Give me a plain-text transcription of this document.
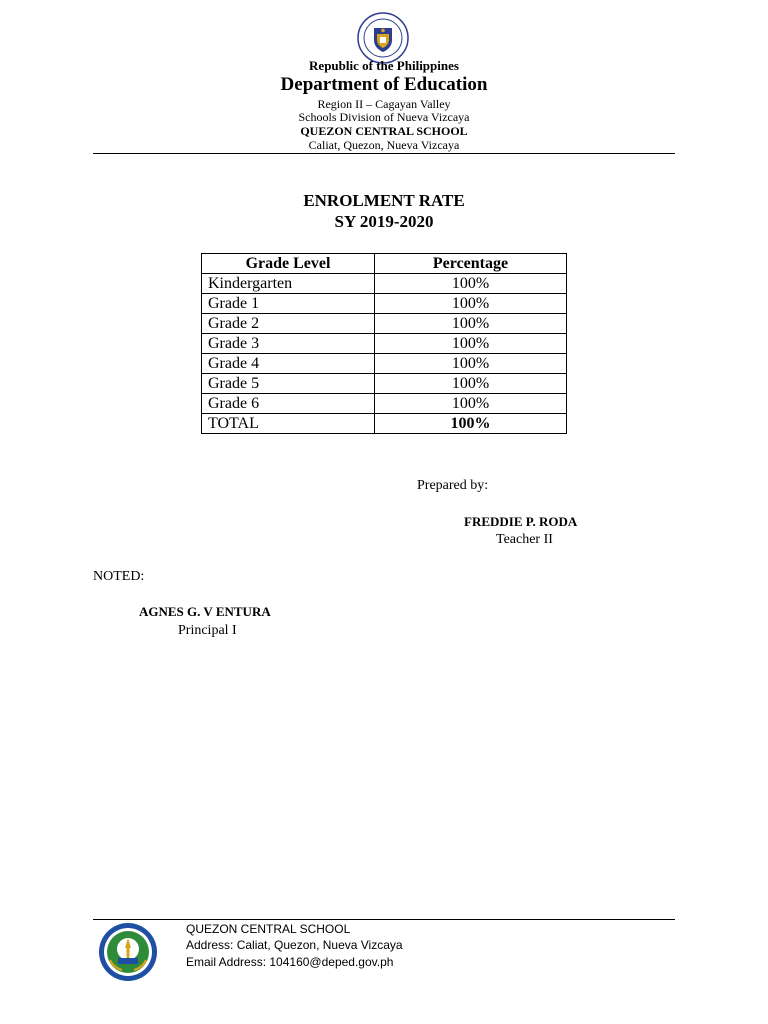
Republic of the Philippines
Department of Education
Region II – Cagayan Valley
Schools Division of Nueva Vizcaya
QUEZON CENTRAL SCHOOL
Caliat, Quezon, Nueva Vizcaya
ENROLMENT RATE
SY 2019-2020
Grade Level	Percentage
Kindergarten	100%
Grade 1	100%
Grade 2	100%
Grade 3	100%
Grade 4	100%
Grade 5	100%
Grade 6	100%
TOTAL	100%
Prepared by:
FREDDIE P. RODA
Teacher II
NOTED:
AGNES G. V ENTURA
Principal I
QUEZON CENTRAL SCHOOL
Address: Caliat, Quezon, Nueva Vizcaya
Email Address: 104160@deped.gov.ph
